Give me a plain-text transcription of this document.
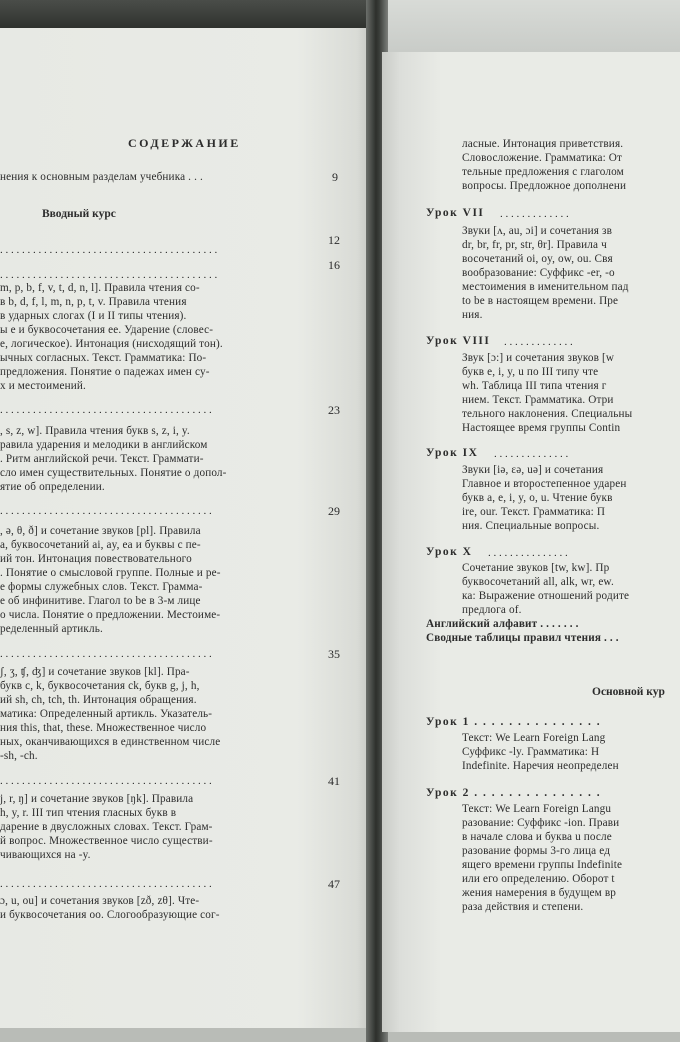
СОДЕРЖАНИЕ
нения к основным разделам учебника . . .	9
Вводный курс
12
. . . . . . . . . . . . . . . . . . . . . . . . . . . . . . . . . . . . . . . .
16
. . . . . . . . . . . . . . . . . . . . . . . . . . . . . . . . . . . . . . . .
m, p, b, f, v, t, d, n, l]. Правила чтения со-
в b, d, f, l, m, n, p, t, v. Правила чтения
в ударных слогах (I и II типы чтения).
ы e и буквосочетания ee. Ударение (словес-
е, логическое). Интонация (нисходящий тон).
ычных согласных. Текст. Грамматика: По-
предложения. Понятие о падежах имен су-
х и местоимений.
23
. . . . . . . . . . . . . . . . . . . . . . . . . . . . . . . . . . . . . . .
, s, z, w]. Правила чтения букв s, z, i, y.
равила ударения и мелодики в английском
. Ритм английской речи. Текст. Граммати-
сло имен существительных. Понятие о допол-
ятие об определении.
29
. . . . . . . . . . . . . . . . . . . . . . . . . . . . . . . . . . . . . . .
, ə, θ, ð] и сочетание звуков [pl]. Правила
а, буквосочетаний ai, ay, ea и буквы с пе-
ий тон. Интонация повествовательного
. Понятие о смысловой группе. Полные и ре-
е формы служебных слов. Текст. Грамма-
е об инфинитиве. Глагол to be в 3-м лице
о числа. Понятие о предложении. Местоиме-
ределенный артикль.
35
. . . . . . . . . . . . . . . . . . . . . . . . . . . . . . . . . . . . . . .
ʃ, ʒ, ʧ, ʤ] и сочетание звуков [kl]. Пра-
букв c, k, буквосочетания ck, букв g, j, h,
ий sh, ch, tch, th. Интонация обращения.
матика: Определенный артикль. Указатель-
ния this, that, these. Множественное число
ных, оканчивающихся в единственном числе
-sh, -ch.
41
. . . . . . . . . . . . . . . . . . . . . . . . . . . . . . . . . . . . . . .
j, r, ŋ] и сочетание звуков [ŋk]. Правила
h, y, r. III тип чтения гласных букв в
дарение в двусложных словах. Текст. Грам-
й вопрос. Множественное число существи-
чивающихся на -y.
47
. . . . . . . . . . . . . . . . . . . . . . . . . . . . . . . . . . . . . . .
ɔ, u, ou] и сочетания звуков [zð, zθ]. Чте-
и буквосочетания oo. Слогообразующие сог-
ласные. Интонация приветствия.
Словосложение. Грамматика: От
тельные предложения с глаголом
вопросы. Предложное дополнени
Урок VII . . . . . . . . . . . . .
Звуки [ʌ, au, ɔi] и сочетания зв
dr, br, fr, pr, str, θr]. Правила ч
восочетаний oi, oy, ow, ou. Свя
вообразование: Суффикс -er, -o
местоимения в именительном пад
to be в настоящем времени. Пре
ния.
Урок VIII . . . . . . . . . . . . .
Звук [ɔ:] и сочетания звуков [w
букв e, i, y, u по III типу чте
wh. Таблица III типа чтения г
нием. Текст. Грамматика. Отри
тельного наклонения. Специальны
Настоящее время группы Contin
Урок IX . . . . . . . . . . . . . .
Звуки [iə, εə, uə] и сочетания
Главное и второстепенное ударен
букв a, e, i, y, o, u. Чтение букв
ire, our. Текст. Грамматика: П
ния. Специальные вопросы.
Урок X . . . . . . . . . . . . . . .
Сочетание звуков [tw, kw]. Пр
буквосочетаний all, alk, wr, ew.
ка: Выражение отношений родите
предлога of.
Английский алфавит . . . . . . .
Сводные таблицы правил чтения . . .
Основной кур
Урок 1 . . . . . . . . . . . . . . .
Текст: We Learn Foreign Lang
Суффикс -ly. Грамматика: Н
Indefinite. Наречия неопределен
Урок 2 . . . . . . . . . . . . . . .
Текст: We Learn Foreign Langu
разование: Суффикс -ion. Прави
в начале слова и буква u после
разование формы 3-го лица ед
ящего времени группы Indefinite
или его определению. Оборот t
жения намерения в будущем вр
раза действия и степени.
